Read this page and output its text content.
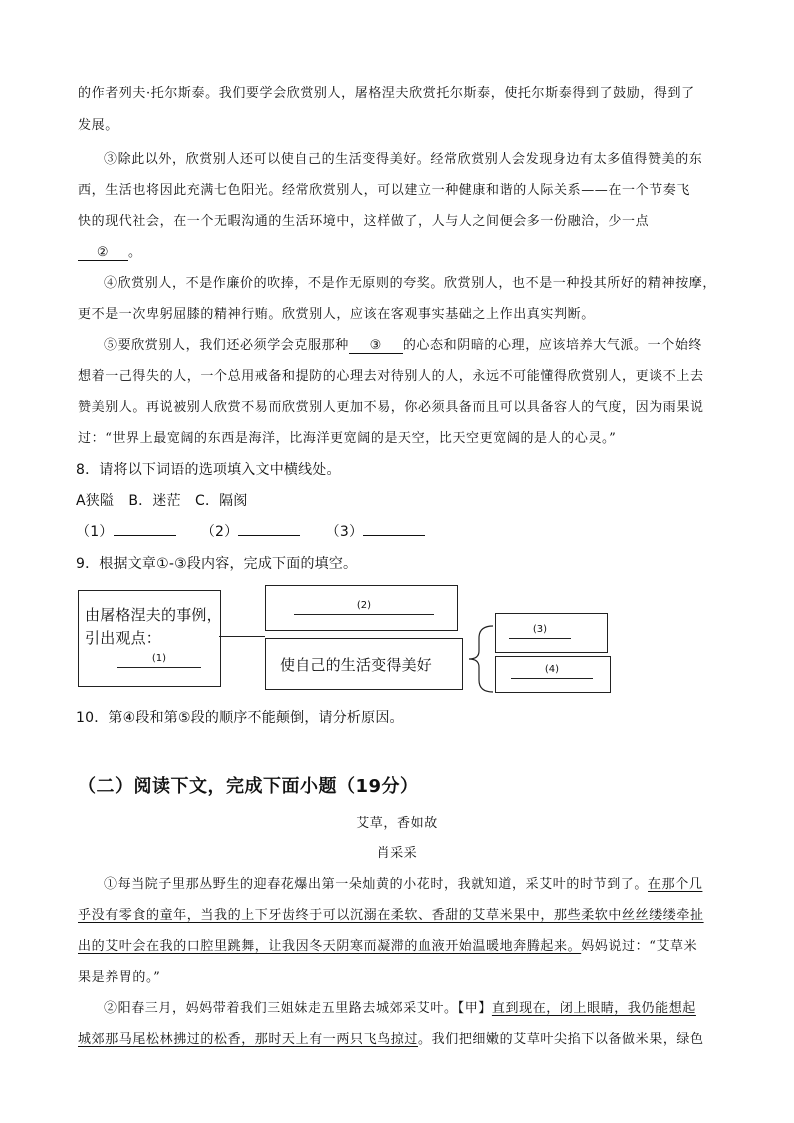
的作者列夫·托尔斯泰。我们要学会欣赏别人，屠格涅夫欣赏托尔斯泰，使托尔斯泰得到了鼓励，得到了
发展。
③除此以外，欣赏别人还可以使自己的生活变得美好。经常欣赏别人会发现身边有太多值得赞美的东
西，生活也将因此充满七色阳光。经常欣赏别人，可以建立一种健康和谐的人际关系——在一个节奏飞
快的现代社会，在一个无暇沟通的生活环境中，这样做了，人与人之间便会多一份融洽，少一点
② 。
④欣赏别人，不是作廉价的吹捧，不是作无原则的夸奖。欣赏别人，也不是一种投其所好的精神按摩，
更不是一次卑躬屈膝的精神行贿。欣赏别人，应该在客观事实基础之上作出真实判断。
⑤要欣赏别人，我们还必须学会克服那种 ③ 的心态和阴暗的心理，应该培养大气派。一个始终
想着一己得失的人，一个总用戒备和提防的心理去对待别人的人，永远不可能懂得欣赏别人，更谈不上去
赞美别人。再说被别人欣赏不易而欣赏别人更加不易，你必须具备而且可以具备容人的气度，因为雨果说
过：“世界上最宽阔的东西是海洋，比海洋更宽阔的是天空，比天空更宽阔的是人的心灵。”
8．请将以下词语的选项填入文中横线处。
A狭隘　B．迷茫　C．隔阂
（1）	（2）	（3）
9．根据文章①-③段内容，完成下面的填空。
由屠格涅夫的事例，
引出观点：
(1)
(2)
使自己的生活变得美好
(3)
(4)
10．第④段和第⑤段的顺序不能颠倒，请分析原因。
（二）阅读下文，完成下面小题（19分）
艾草，香如故
肖采采
①每当院子里那丛野生的迎春花爆出第一朵灿黄的小花时，我就知道，采艾叶的时节到了。在那个几
乎没有零食的童年，当我的上下牙齿终于可以沉溺在柔软、香甜的艾草米果中，那些柔软中丝丝缕缕牵扯
出的艾叶会在我的口腔里跳舞，让我因冬天阴寒而凝滞的血液开始温暖地奔腾起来。妈妈说过：“艾草米
果是养胃的。”
②阳春三月，妈妈带着我们三姐妹走五里路去城郊采艾叶。【甲】直到现在，闭上眼睛，我仍能想起
城郊那马尾松林拂过的松香，那时天上有一两只飞鸟掠过。我们把细嫩的艾草叶尖掐下以备做米果，绿色
